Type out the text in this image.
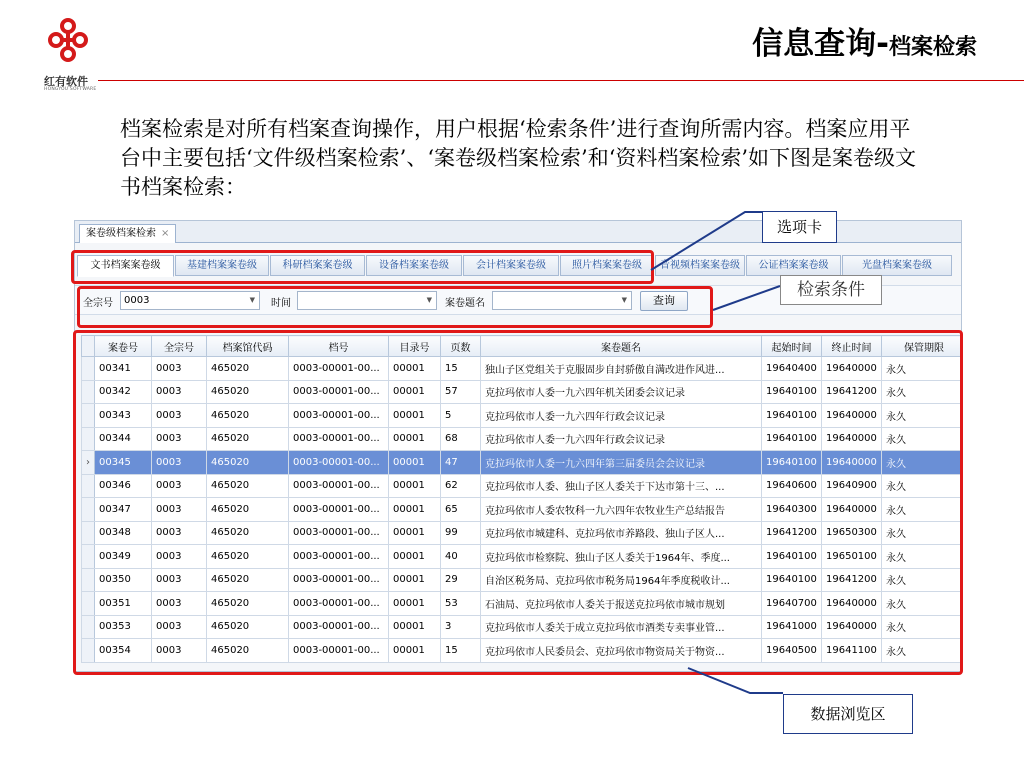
红有软件
HONGYOU SOFTWARE
信息查询-档案检索
档案检索是对所有档案查询操作，用户根据‘检索条件’进行查询所需内容。档案应用平台中主要包括‘文件级档案检索’、‘案卷级档案检索’和‘资料档案检索’如下图是案卷级文书档案检索：
案卷级档案检索 ×
文书档案案卷级	基建档案案卷级	科研档案案卷级	设备档案案卷级	会计档案案卷级	照片档案案卷级	音视频档案案卷级	公证档案案卷级	光盘档案案卷级
全宗号	0003	▼ 时间	▼ 案卷题名	▼	查询
	案卷号	全宗号	档案馆代码	档号	目录号	页数	案卷题名	起始时间	终止时间	保管期限
	00341	0003	465020	0003-00001-00...	00001	15	独山子区党组关于克服固步自封骄傲自满改进作风进...	19640400	19640000	永久
	00342	0003	465020	0003-00001-00...	00001	57	克拉玛依市人委一九六四年机关团委会议记录	19640100	19641200	永久
	00343	0003	465020	0003-00001-00...	00001	5	克拉玛依市人委一九六四年行政会议记录	19640100	19640000	永久
	00344	0003	465020	0003-00001-00...	00001	68	克拉玛依市人委一九六四年行政会议记录	19640100	19640000	永久
›	00345	0003	465020	0003-00001-00...	00001	47	克拉玛依市人委一九六四年第三届委员会会议记录	19640100	19640000	永久
	00346	0003	465020	0003-00001-00...	00001	62	克拉玛依市人委、独山子区人委关于下达市第十三、...	19640600	19640900	永久
	00347	0003	465020	0003-00001-00...	00001	65	克拉玛依市人委农牧科一九六四年农牧业生产总结报告	19640300	19640000	永久
	00348	0003	465020	0003-00001-00...	00001	99	克拉玛依市城建科、克拉玛依市养路段、独山子区人...	19641200	19650300	永久
	00349	0003	465020	0003-00001-00...	00001	40	克拉玛依市检察院、独山子区人委关于1964年、季度...	19640100	19650100	永久
	00350	0003	465020	0003-00001-00...	00001	29	自治区税务局、克拉玛依市税务局1964年季度税收计...	19640100	19641200	永久
	00351	0003	465020	0003-00001-00...	00001	53	石油局、克拉玛依市人委关于报送克拉玛依市城市规划	19640700	19640000	永久
	00353	0003	465020	0003-00001-00...	00001	3	克拉玛依市人委关于成立克拉玛依市酒类专卖事业管...	19641000	19640000	永久
	00354	0003	465020	0003-00001-00...	00001	15	克拉玛依市人民委员会、克拉玛依市物资局关于物资...	19640500	19641100	永久
选项卡
检索条件
数据浏览区
